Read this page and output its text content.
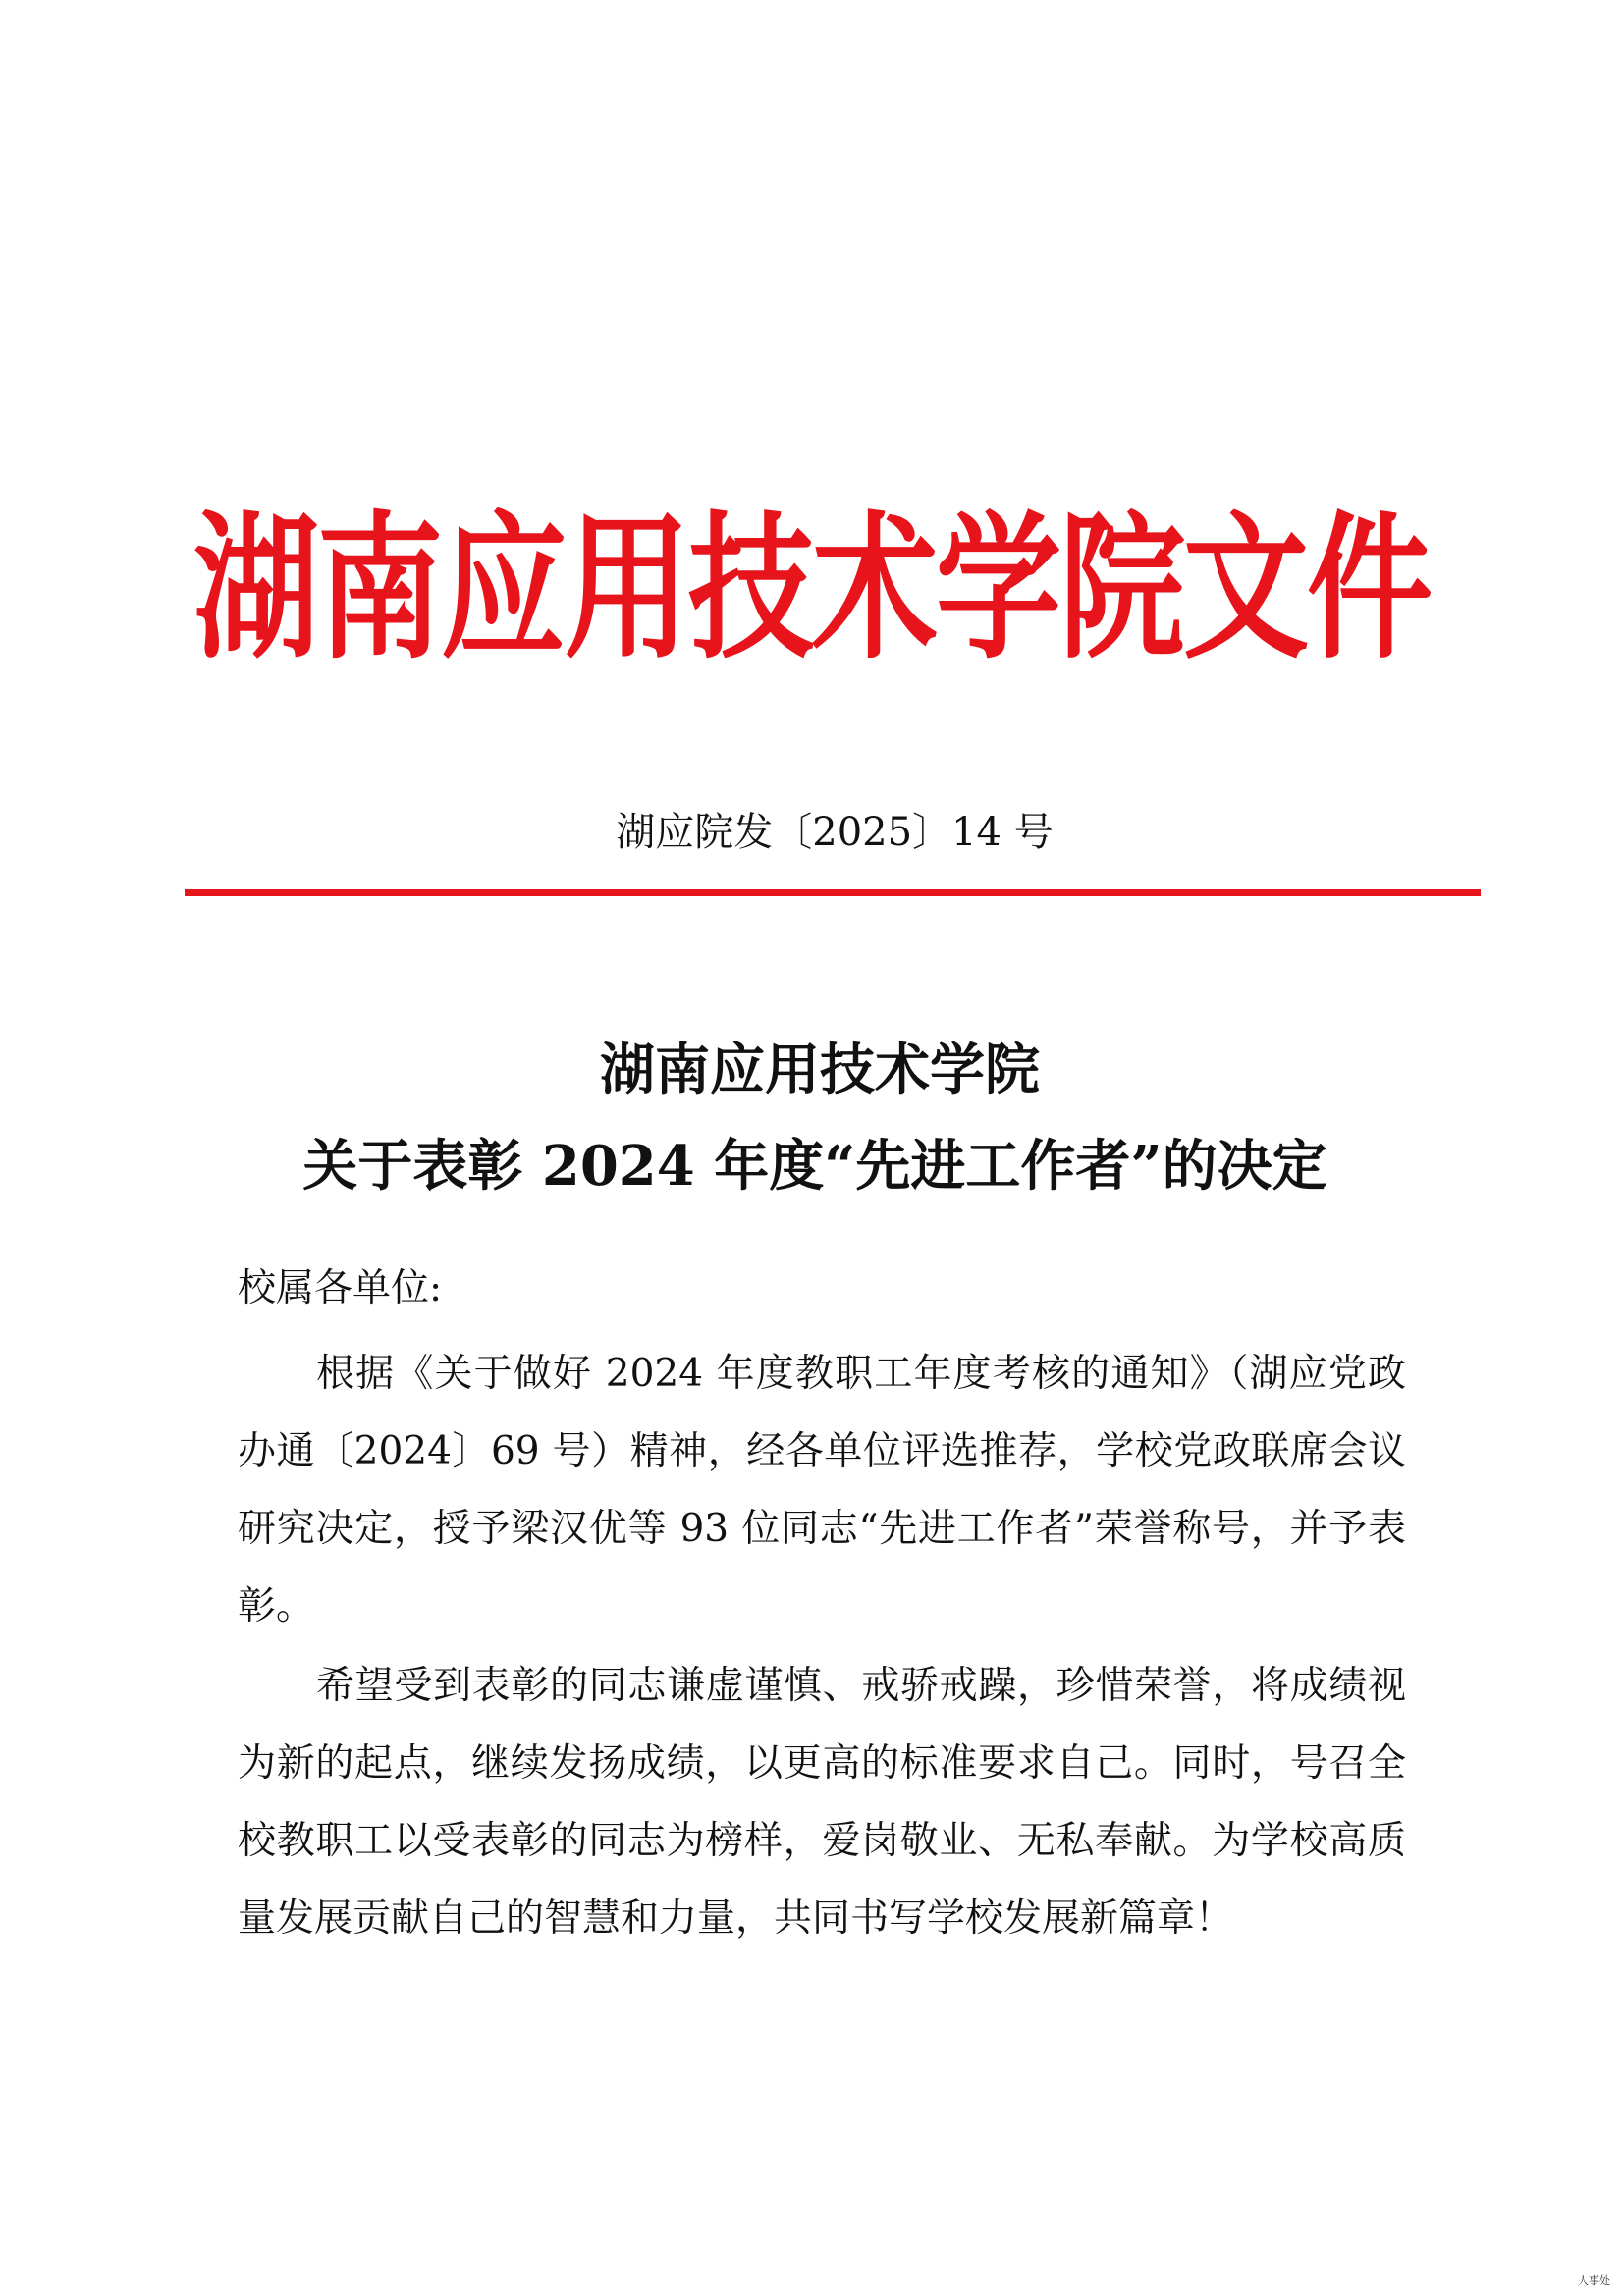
湖南应用技术学院文件
湖应院发〔2025〕14 号
湖南应用技术学院
关于表彰 2024 年度“先进工作者”的决定
校属各单位:

根据《关于做好 2024 年度教职工年度考核的通知》（湖应党政办通〔2024〕69 号）精神，经各单位评选推荐，学校党政联席会议研究决定，授予梁汉优等 93 位同志“先进工作者”荣誉称号，并予表彰。

希望受到表彰的同志谦虚谨慎、戒骄戒躁，珍惜荣誉，将成绩视为新的起点，继续发扬成绩，以更高的标准要求自己。同时，号召全校教职工以受表彰的同志为榜样，爱岗敬业、无私奉献。为学校高质量发展贡献自己的智慧和力量，共同书写学校发展新篇章！

人事处
